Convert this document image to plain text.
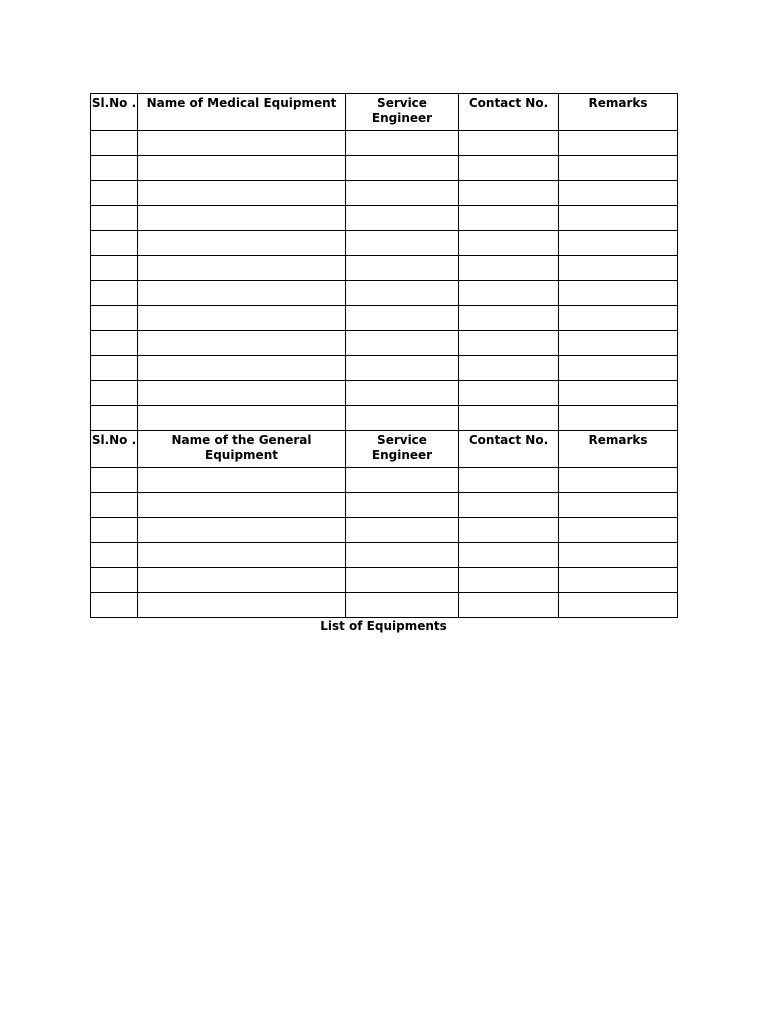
Sl.No .	Name of Medical Equipment	Service Engineer	Contact No.	Remarks

Sl.No .	Name of the General Equipment	Service Engineer	Contact No.	Remarks

List of Equipments
